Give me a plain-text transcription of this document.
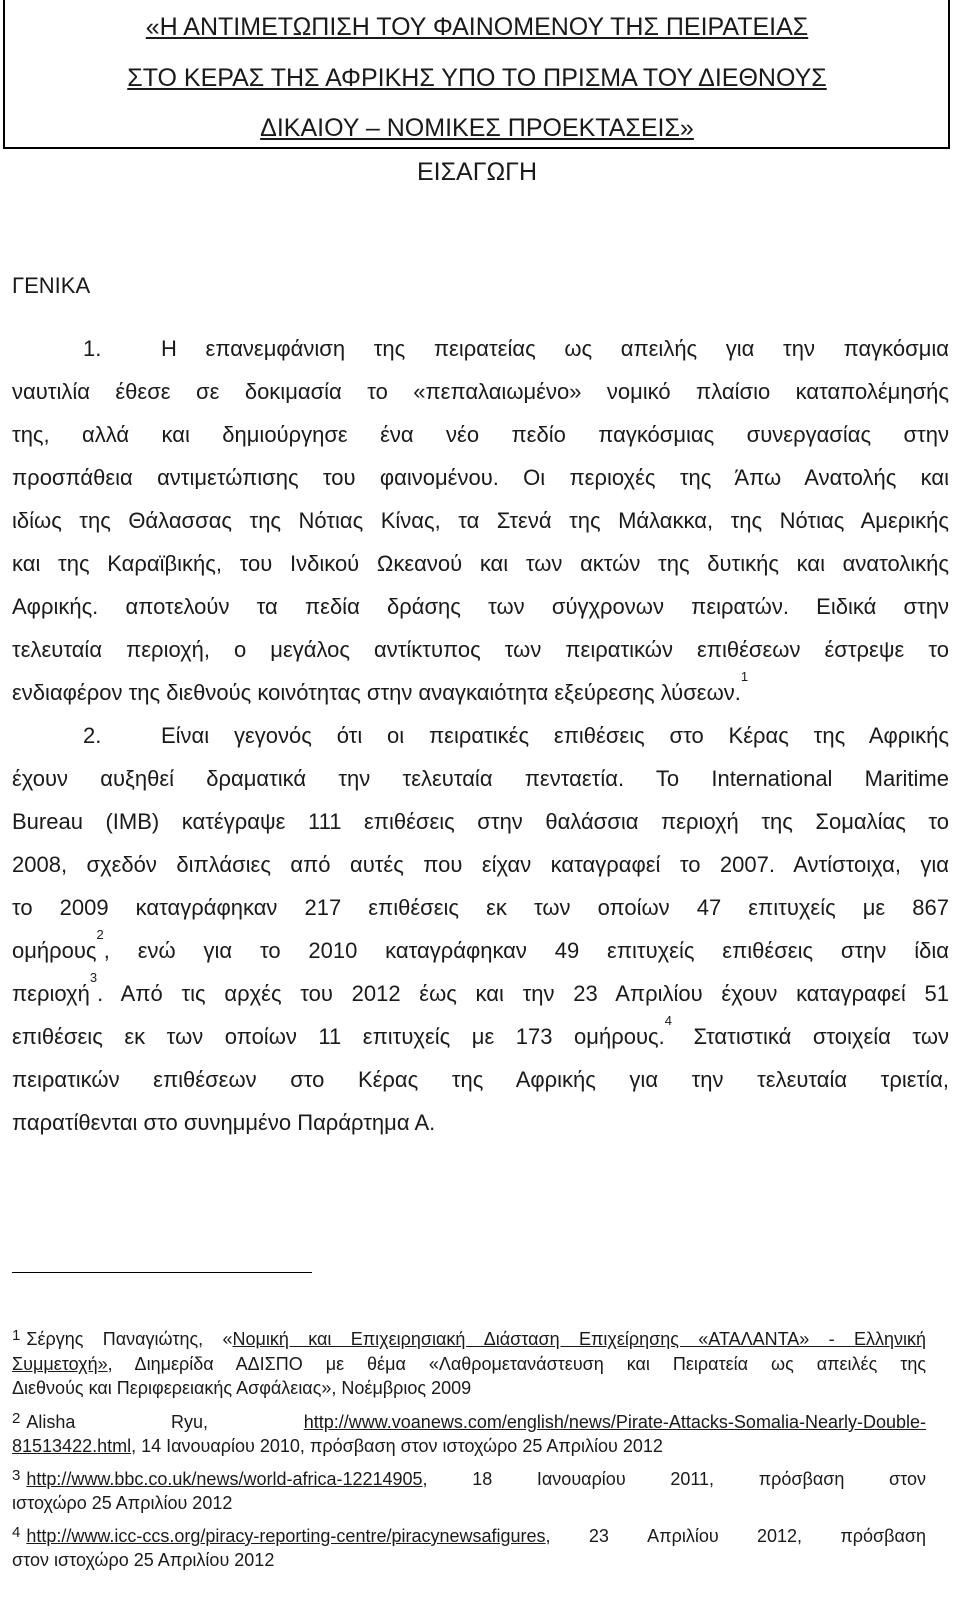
«Η ΑΝΤΙΜΕΤΩΠΙΣΗ ΤΟΥ ΦΑΙΝΟΜΕΝΟΥ ΤΗΣ ΠΕΙΡΑΤΕΙΑΣ
ΣΤΟ ΚΕΡΑΣ ΤΗΣ ΑΦΡΙΚΗΣ ΥΠΟ ΤΟ ΠΡΙΣΜΑ ΤΟΥ ΔΙΕΘΝΟΥΣ
ΔΙΚΑΙΟΥ – ΝΟΜΙΚΕΣ ΠΡΟΕΚΤΑΣΕΙΣ»
ΕΙΣΑΓΩΓΗ
ΓΕΝΙΚΑ
1.	Η επανεμφάνιση της πειρατείας ως απειλής για την παγκόσμια
ναυτιλία έθεσε σε δοκιμασία το «πεπαλαιωμένο» νομικό πλαίσιο καταπολέμησής
της, αλλά και δημιούργησε ένα νέο πεδίο παγκόσμιας συνεργασίας στην
προσπάθεια αντιμετώπισης του φαινομένου. Οι περιοχές της Άπω Ανατολής και
ιδίως της Θάλασσας της Νότιας Κίνας, τα Στενά της Μάλακκα, της Νότιας Αμερικής
και της Καραϊβικής, του Ινδικού Ωκεανού και των ακτών της δυτικής και ανατολικής
Αφρικής. αποτελούν τα πεδία δράσης των σύγχρονων πειρατών. Ειδικά στην
τελευταία περιοχή, ο μεγάλος αντίκτυπος των πειρατικών επιθέσεων έστρεψε το
ενδιαφέρον της διεθνούς κοινότητας στην αναγκαιότητα εξεύρεσης λύσεων.$^1$
2.	Είναι γεγονός ότι οι πειρατικές επιθέσεις στο Κέρας της Αφρικής
έχουν αυξηθεί δραματικά την τελευταία πενταετία. Το International Maritime
Bureau (IMB) κατέγραψε 111 επιθέσεις στην θαλάσσια περιοχή της Σομαλίας το
2008, σχεδόν διπλάσιες από αυτές που είχαν καταγραφεί το 2007. Αντίστοιχα, για
το 2009 καταγράφηκαν 217 επιθέσεις εκ των οποίων 47 επιτυχείς με 867
ομήρους$^2$, ενώ για το 2010 καταγράφηκαν 49 επιτυχείς επιθέσεις στην ίδια
περιοχή$^3$. Από τις αρχές του 2012 έως και την 23 Απριλίου έχουν καταγραφεί 51
επιθέσεις εκ των οποίων 11 επιτυχείς με 173 ομήρους.$^4$ Στατιστικά στοιχεία των
πειρατικών επιθέσεων στο Κέρας της Αφρικής για την τελευταία τριετία,
παρατίθενται στο συνημμένο Παράρτημα Α.
$^1$ Σέργης Παναγιώτης, «Νομική και Επιχειρησιακή Διάσταση Επιχείρησης «ΑΤΑΛΑΝΤΑ» - Ελληνική
Συμμετοχή», Διημερίδα ΑΔΙΣΠΟ με θέμα «Λαθρομετανάστευση και Πειρατεία ως απειλές της
Διεθνούς και Περιφερειακής Ασφάλειας», Νοέμβριος 2009
$^2$ Alisha Ryu,	http://www.voanews.com/english/news/Pirate-Attacks-Somalia-Nearly-Double-
81513422.html, 14 Ιανουαρίου 2010, πρόσβαση στον ιστοχώρο 25 Απριλίου 2012
$^3$ http://www.bbc.co.uk/news/world-africa-12214905, 18 Ιανουαρίου 2011, πρόσβαση στον
ιστοχώρο 25 Απριλίου 2012
$^4$ http://www.icc-ccs.org/piracy-reporting-centre/piracynewsafigures, 23 Απριλίου 2012, πρόσβαση
στον ιστοχώρο 25 Απριλίου 2012
